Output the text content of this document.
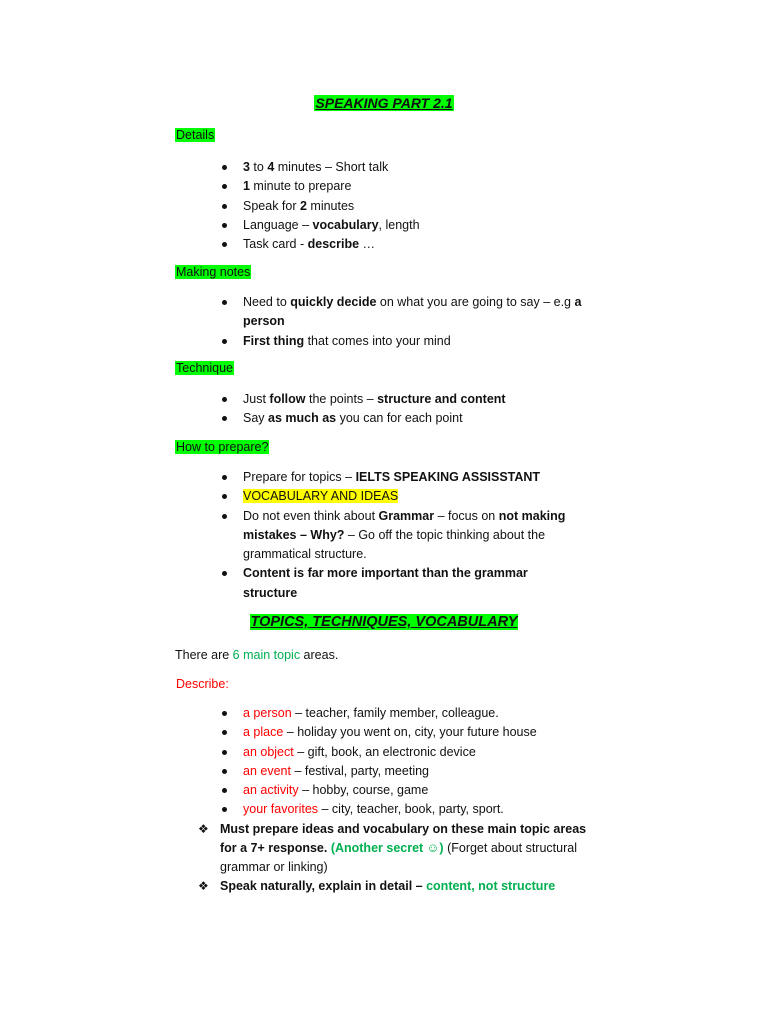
SPEAKING PART 2.1
Details
3 to 4 minutes – Short talk
1 minute to prepare
Speak for 2 minutes
Language – vocabulary, length
Task card - describe …
Making notes
Need to quickly decide on what you are going to say – e.g a person
First thing that comes into your mind
Technique
Just follow the points – structure and content
Say as much as you can for each point
How to prepare?
Prepare for topics – IELTS SPEAKING ASSISSTANT
VOCABULARY AND IDEAS
Do not even think about Grammar – focus on not making mistakes – Why? – Go off the topic thinking about the grammatical structure.
Content is far more important than the grammar structure
TOPICS, TECHNIQUES, VOCABULARY
There are 6 main topic areas.
Describe:
a person – teacher, family member, colleague.
a place – holiday you went on, city, your future house
an object – gift, book, an electronic device
an event – festival, party, meeting
an activity – hobby, course, game
your favorites – city, teacher, book, party, sport.
❖ Must prepare ideas and vocabulary on these main topic areas for a 7+ response. (Another secret ☺) (Forget about structural grammar or linking)
❖ Speak naturally, explain in detail – content, not structure
